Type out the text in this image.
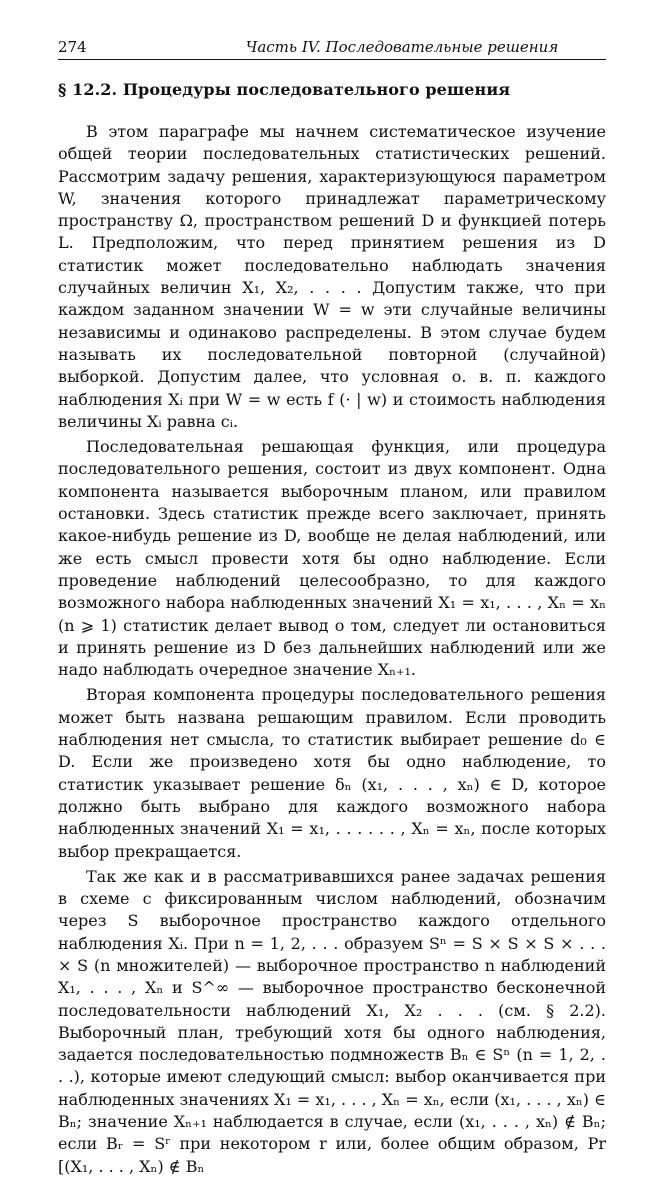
274	Часть IV. Последовательные решения
§ 12.2. Процедуры последовательного решения

В этом параграфе мы начнем систематическое изучение общей теории последовательных статистических решений. Рассмотрим задачу решения, характеризующуюся параметром W, значения которого принадлежат параметрическому пространству Ω, пространством решений D и функцией потерь L. Предположим, что перед принятием решения из D статистик может последовательно наблюдать значения случайных величин X₁, X₂, . . . . Допустим также, что при каждом заданном значении W = w эти случайные величины независимы и одинаково распределены. В этом случае будем называть их последовательной повторной (случайной) выборкой. Допустим далее, что условная о. в. п. каждого наблюдения Xᵢ при W = w есть f (· | w) и стоимость наблюдения величины Xᵢ равна cᵢ.

Последовательная решающая функция, или процедура последовательного решения, состоит из двух компонент. Одна компонента называется выборочным планом, или правилом остановки. Здесь статистик прежде всего заключает, принять какое-нибудь решение из D, вообще не делая наблюдений, или же есть смысл провести хотя бы одно наблюдение. Если проведение наблюдений целесообразно, то для каждого возможного набора наблюденных значений X₁ = x₁, . . . , Xₙ = xₙ (n ⩾ 1) статистик делает вывод о том, следует ли остановиться и принять решение из D без дальнейших наблюдений или же надо наблюдать очередное значение Xₙ₊₁.

Вторая компонента процедуры последовательного решения может быть названа решающим правилом. Если проводить наблюдения нет смысла, то статистик выбирает решение d₀ ∈ D. Если же произведено хотя бы одно наблюдение, то статистик указывает решение δₙ (x₁, . . . , xₙ) ∈ D, которое должно быть выбрано для каждого возможного набора наблюденных значений X₁ = x₁, . . . . . . , Xₙ = xₙ, после которых выбор прекращается.

Так же как и в рассматривавшихся ранее задачах решения в схеме с фиксированным числом наблюдений, обозначим через S выборочное пространство каждого отдельного наблюдения Xᵢ. При n = 1, 2, . . . образуем Sⁿ = S × S × S × . . . × S (n множителей) — выборочное пространство n наблюдений X₁, . . . , Xₙ и S^∞ — выборочное пространство бесконечной последовательности наблюдений X₁, X₂ . . . (см. § 2.2). Выборочный план, требующий хотя бы одного наблюдения, задается последовательностью подмножеств Bₙ ∈ Sⁿ (n = 1, 2, . . .), которые имеют следующий смысл: выбор оканчивается при наблюденных значениях X₁ = x₁, . . . , Xₙ = xₙ, если (x₁, . . . , xₙ) ∈ Bₙ; значение Xₙ₊₁ наблюдается в случае, если (x₁, . . . , xₙ) ∉ Bₙ; если Bᵣ = Sʳ при некотором r или, более общим образом, Pr [(X₁, . . . , Xₙ) ∉ Bₙ
